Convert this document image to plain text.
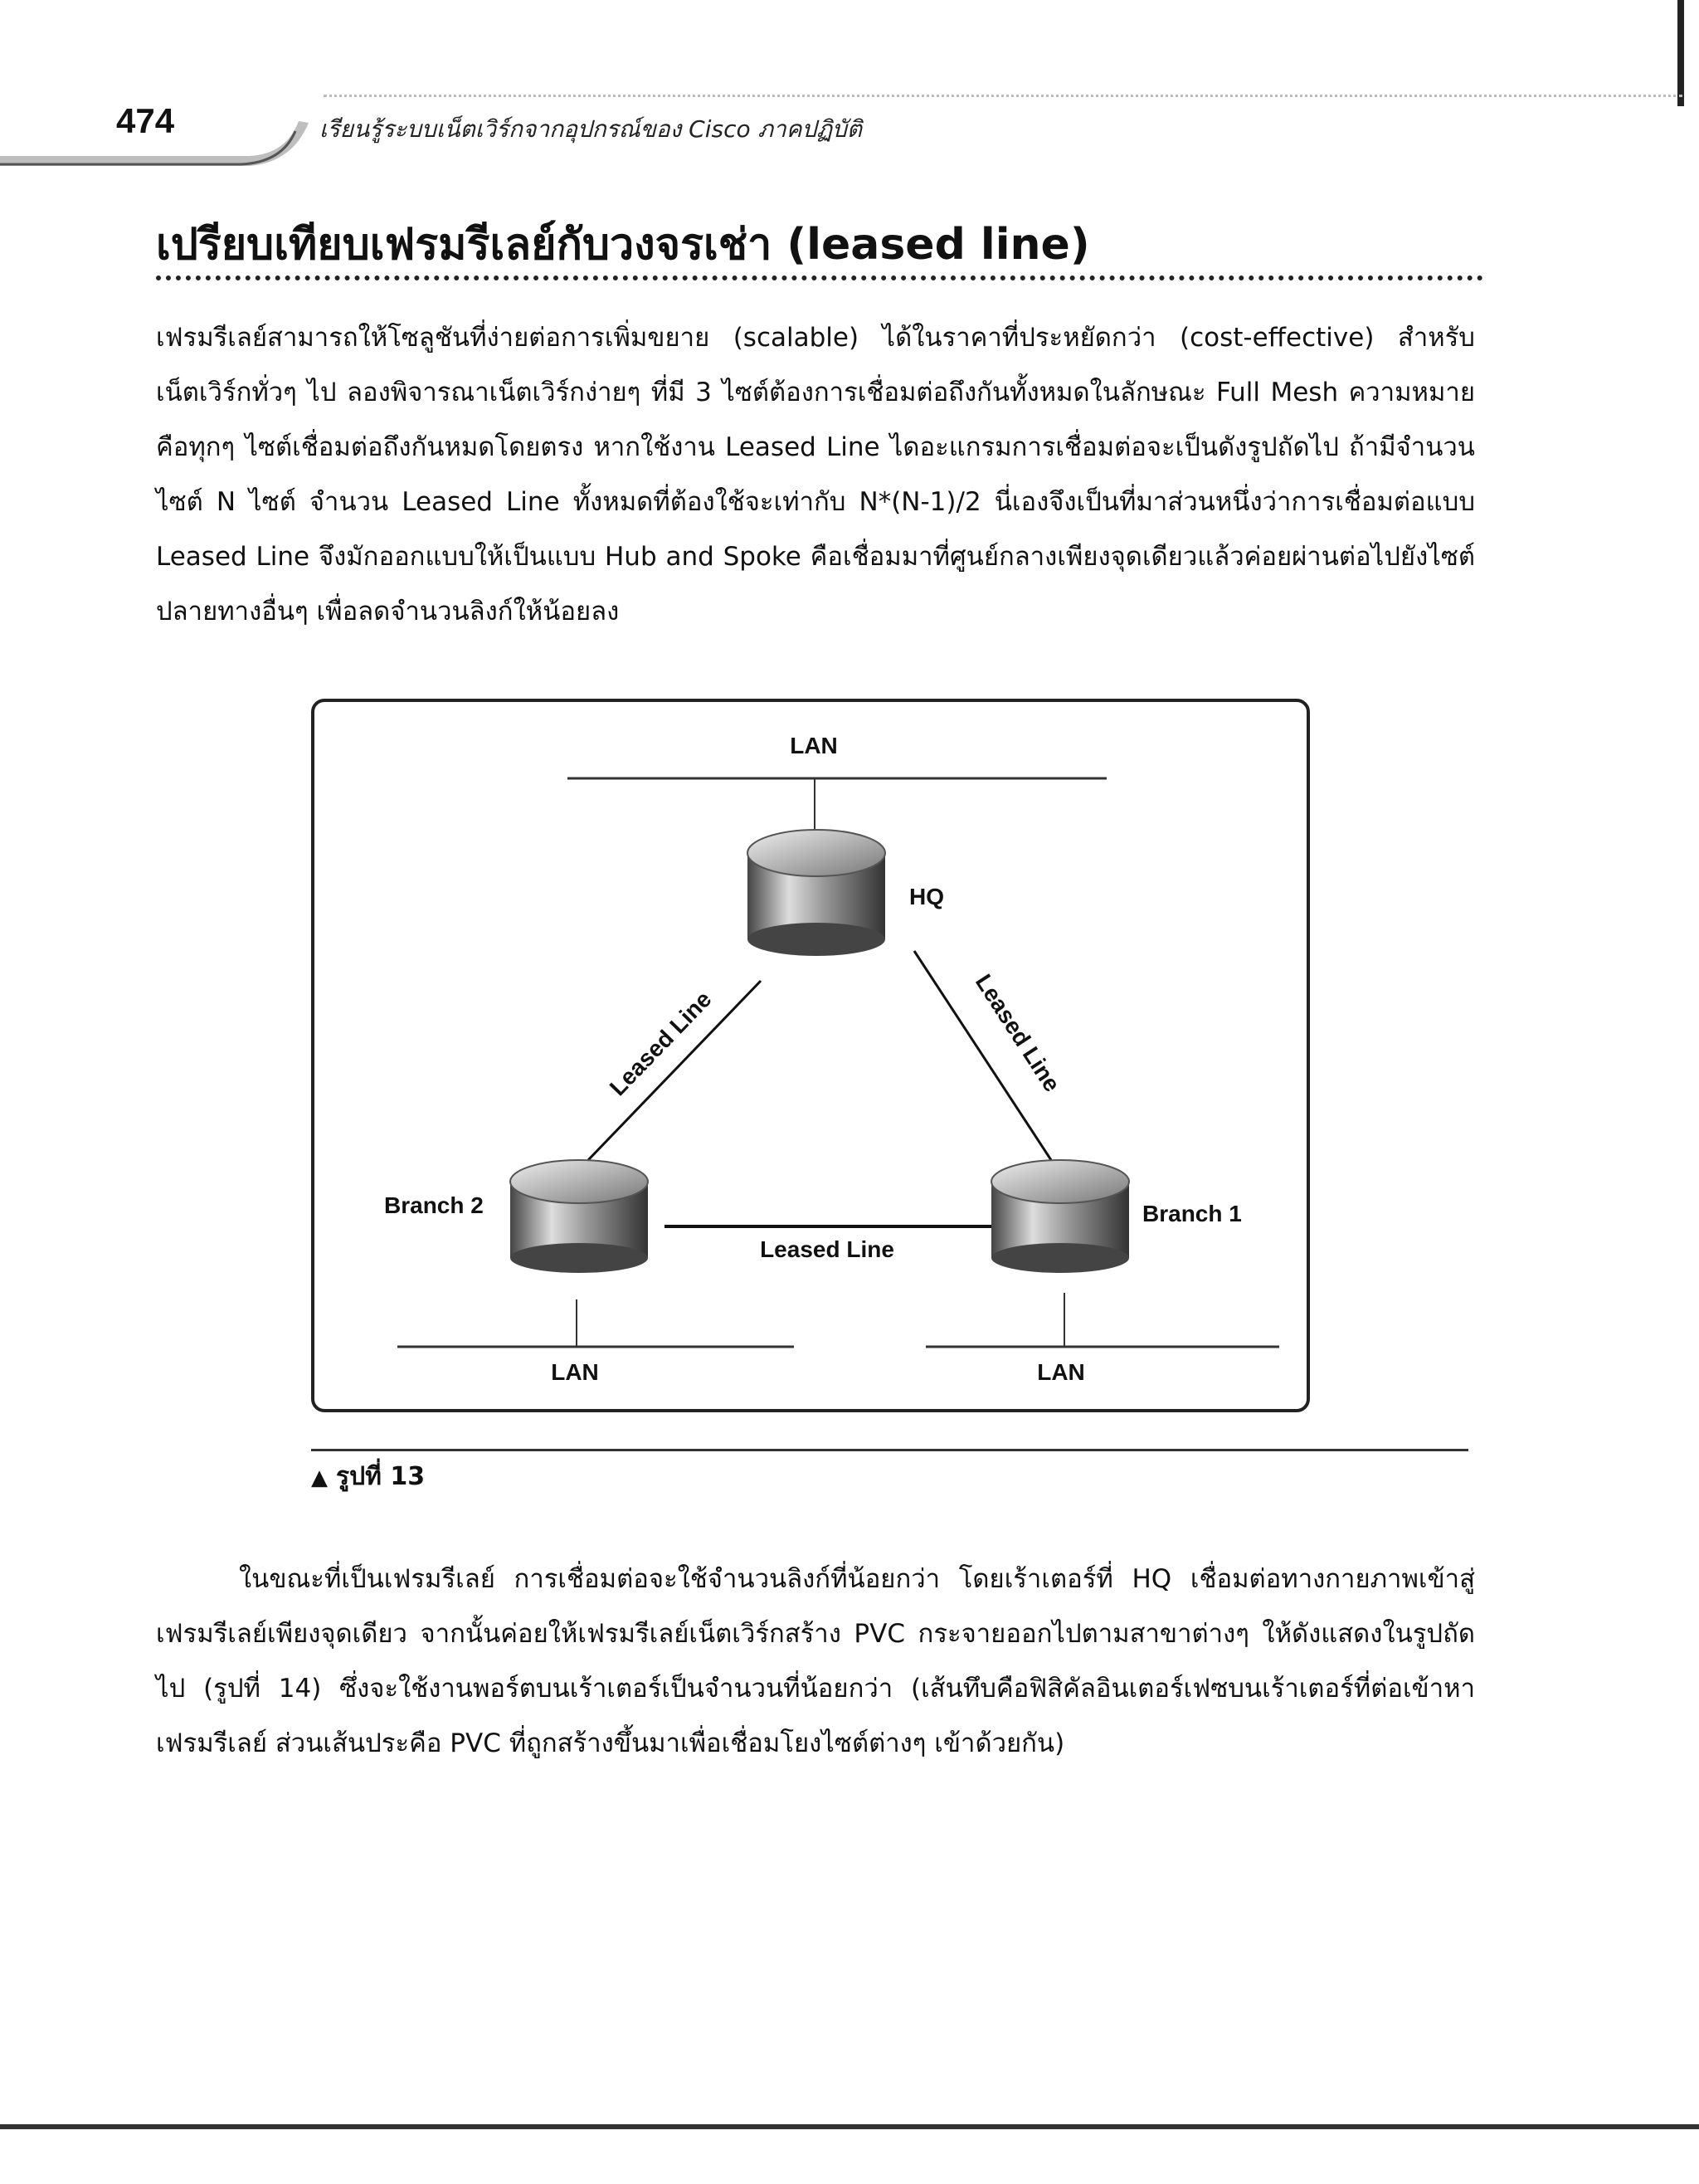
474	เรียนรู้ระบบเน็ตเวิร์กจากอุปกรณ์ของ Cisco ภาคปฏิบัติ
เปรียบเทียบเฟรมรีเลย์กับวงจรเช่า (leased line)
เฟรมรีเลย์สามารถให้โซลูชันที่ง่ายต่อการเพิ่มขยาย (scalable) ได้ในราคาที่ประหยัดกว่า (cost-effective) สำหรับเน็ตเวิร์กทั่วๆ ไป ลองพิจารณาเน็ตเวิร์กง่ายๆ ที่มี 3 ไซต์ต้องการเชื่อมต่อถึงกันทั้งหมดในลักษณะ Full Mesh ความหมายคือทุกๆ ไซต์เชื่อมต่อถึงกันหมดโดยตรง หากใช้งาน Leased Line ไดอะแกรมการเชื่อมต่อจะเป็นดังรูปถัดไป ถ้ามีจำนวนไซต์ N ไซต์ จำนวน Leased Line ทั้งหมดที่ต้องใช้จะเท่ากับ N*(N-1)/2 นี่เองจึงเป็นที่มาส่วนหนึ่งว่าการเชื่อมต่อแบบ Leased Line จึงมักออกแบบให้เป็นแบบ Hub and Spoke คือเชื่อมมาที่ศูนย์กลางเพียงจุดเดียวแล้วค่อยผ่านต่อไปยังไซต์ปลายทางอื่นๆ เพื่อลดจำนวนลิงก์ให้น้อยลง
LAN
HQ
Branch 2	Branch 1
Leased Line	Leased Line
Leased Line
LAN	LAN
▲ รูปที่ 13
ในขณะที่เป็นเฟรมรีเลย์ การเชื่อมต่อจะใช้จำนวนลิงก์ที่น้อยกว่า โดยเร้าเตอร์ที่ HQ เชื่อมต่อทางกายภาพเข้าสู่เฟรมรีเลย์เพียงจุดเดียว จากนั้นค่อยให้เฟรมรีเลย์เน็ตเวิร์กสร้าง PVC กระจายออกไปตามสาขาต่างๆ ให้ดังแสดงในรูปถัดไป (รูปที่ 14) ซึ่งจะใช้งานพอร์ตบนเร้าเตอร์เป็นจำนวนที่น้อยกว่า (เส้นทึบคือฟิสิคัลอินเตอร์เฟซบนเร้าเตอร์ที่ต่อเข้าหาเฟรมรีเลย์ ส่วนเส้นประคือ PVC ที่ถูกสร้างขึ้นมาเพื่อเชื่อมโยงไซต์ต่างๆ เข้าด้วยกัน)
